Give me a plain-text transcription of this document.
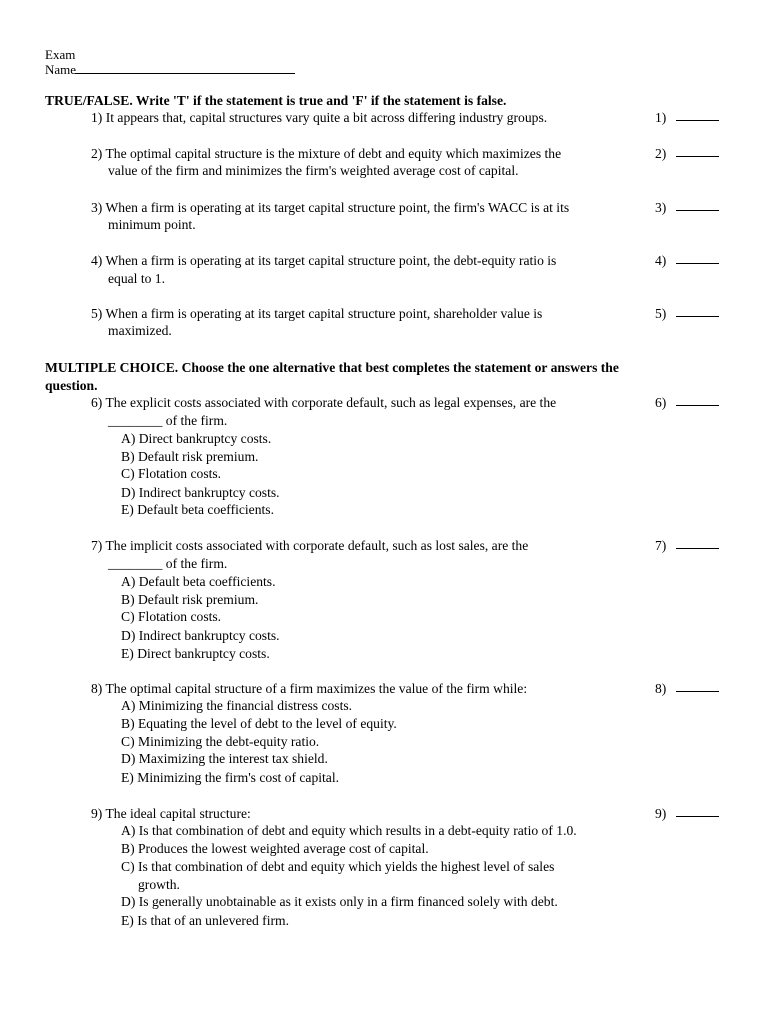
Exam
Name
TRUE/FALSE. Write 'T' if the statement is true and 'F' if the statement is false.
1) It appears that, capital structures vary quite a bit across differing industry groups.	1)
2) The optimal capital structure is the mixture of debt and equity which maximizes the
value of the firm and minimizes the firm's weighted average cost of capital.
2)
3) When a firm is operating at its target capital structure point, the firm's WACC is at its
minimum point.
3)
4) When a firm is operating at its target capital structure point, the debt-equity ratio is
equal to 1.
4)
5) When a firm is operating at its target capital structure point, shareholder value is
maximized.
5)
MULTIPLE CHOICE. Choose the one alternative that best completes the statement or answers the
question.
6) The explicit costs associated with corporate default, such as legal expenses, are the
________ of the firm.
6)
A) Direct bankruptcy costs.
B) Default risk premium.
C) Flotation costs.
D) Indirect bankruptcy costs.
E) Default beta coefficients.
7) The implicit costs associated with corporate default, such as lost sales, are the
________ of the firm.
7)
A) Default beta coefficients.
B) Default risk premium.
C) Flotation costs.
D) Indirect bankruptcy costs.
E) Direct bankruptcy costs.
8) The optimal capital structure of a firm maximizes the value of the firm while:	8)
A) Minimizing the financial distress costs.
B) Equating the level of debt to the level of equity.
C) Minimizing the debt-equity ratio.
D) Maximizing the interest tax shield.
E) Minimizing the firm's cost of capital.
9) The ideal capital structure:	9)
A) Is that combination of debt and equity which results in a debt-equity ratio of 1.0.
B) Produces the lowest weighted average cost of capital.
C) Is that combination of debt and equity which yields the highest level of sales
growth.
D) Is generally unobtainable as it exists only in a firm financed solely with debt.
E) Is that of an unlevered firm.
